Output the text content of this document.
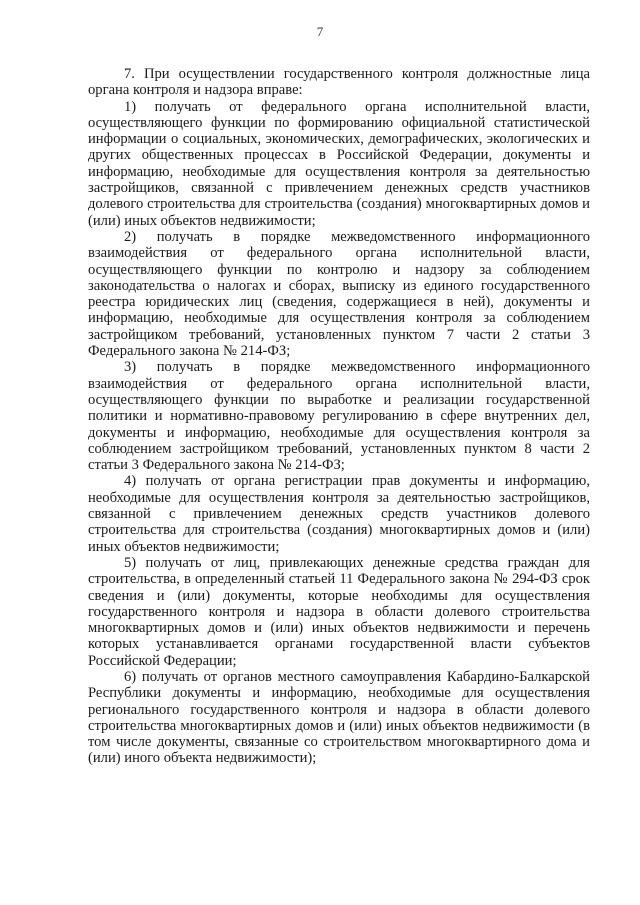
7

7. При осуществлении государственного контроля должностные лица органа контроля и надзора вправе:

1) получать от федерального органа исполнительной власти, осуществляющего функции по формированию официальной статистической информации о социальных, экономических, демографических, экологических и других общественных процессах в Российской Федерации, документы и информацию, необходимые для осуществления контроля за деятельностью застройщиков, связанной с привлечением денежных средств участников долевого строительства для строительства (создания) многоквартирных домов и (или) иных объектов недвижимости;

2) получать в порядке межведомственного информационного взаимодействия от федерального органа исполнительной власти, осуществляющего функции по контролю и надзору за соблюдением законодательства о налогах и сборах, выписку из единого государственного реестра юридических лиц (сведения, содержащиеся в ней), документы и информацию, необходимые для осуществления контроля за соблюдением застройщиком требований, установленных пунктом 7 части 2 статьи 3 Федерального закона № 214-ФЗ;

3) получать в порядке межведомственного информационного взаимодействия от федерального органа исполнительной власти, осуществляющего функции по выработке и реализации государственной политики и нормативно-правовому регулированию в сфере внутренних дел, документы и информацию, необходимые для осуществления контроля за соблюдением застройщиком требований, установленных пунктом 8 части 2 статьи 3 Федерального закона № 214-ФЗ;

4) получать от органа регистрации прав документы и информацию, необходимые для осуществления контроля за деятельностью застройщиков, связанной с привлечением денежных средств участников долевого строительства для строительства (создания) многоквартирных домов и (или) иных объектов недвижимости;

5) получать от лиц, привлекающих денежные средства граждан для строительства, в определенный статьей 11 Федерального закона № 294-ФЗ срок сведения и (или) документы, которые необходимы для осуществления государственного контроля и надзора в области долевого строительства многоквартирных домов и (или) иных объектов недвижимости и перечень которых устанавливается органами государственной власти субъектов Российской Федерации;

6) получать от органов местного самоуправления Кабардино-Балкарской Республики документы и информацию, необходимые для осуществления регионального государственного контроля и надзора в области долевого строительства многоквартирных домов и (или) иных объектов недвижимости (в том числе документы, связанные со строительством многоквартирного дома и (или) иного объекта недвижимости);
